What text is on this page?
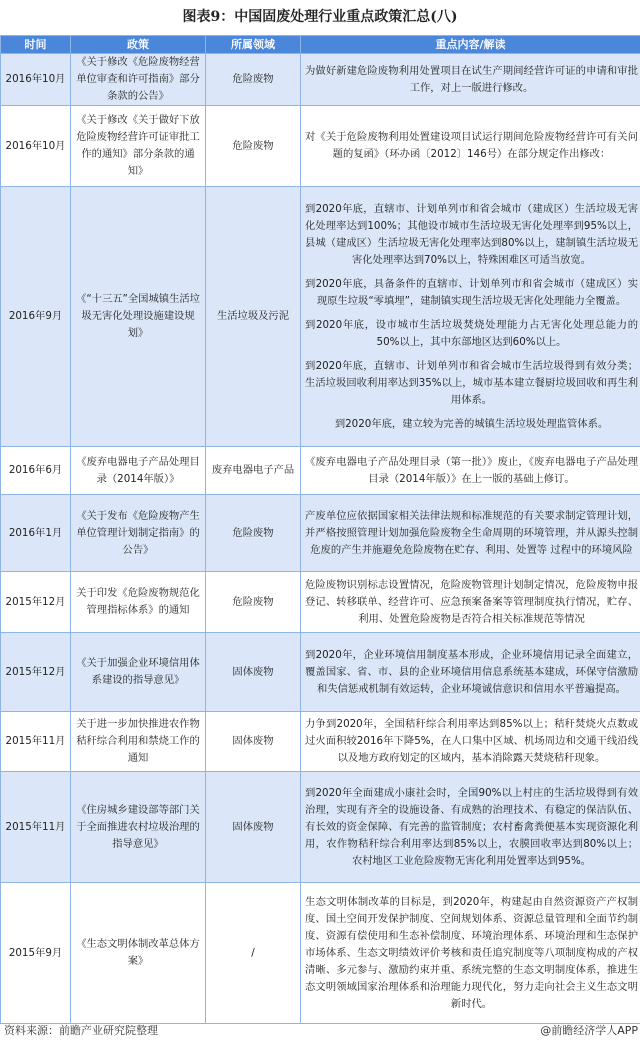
图表9：中国固废处理行业重点政策汇总(八)
时间	政策	所属领域	重点内容/解读
2016年10月	《关于修改《危险废物经营单位审查和许可指南》部分条款的公告》	危险废物	为做好新建危险废物利用处置项目在试生产期间经营许可证的申请和审批工作，对上一版进行修改。

2016年10月	《关于修改《关于做好下放危险废物经营许可证审批工作的通知》部分条款的通知》	危险废物	对《关于危险废物利用处置建设项目试运行期间危险废物经营许可有关问题的复函》（环办函〔2012〕146号）在部分规定作出修改：

2016年9月	《“十三五”全国城镇生活垃圾无害化处理设施建设规划》	生活垃圾及污泥	到2020年底，直辖市、计划单列市和省会城市（建成区）生活垃圾无害化处理率达到100%；其他设市城市生活垃圾无害化处理率到95%以上，县城（建成区）生活垃圾无害化处理率达到80%以上，建制镇生活垃圾无害化处理率达到70%以上，特殊困难区可适当放宽。

到2020年底，具备条件的直辖市、计划单列市和省会城市（建成区）实现原生垃圾“零填埋”，建制镇实现生活垃圾无害化处理能力全覆盖。

到2020年底，设市城市生活垃圾焚烧处理能力占无害化处理总能力的50%以上，其中东部地区达到60%以上。

到2020年底，直辖市、计划单列市和省会城市生活垃圾得到有效分类；生活垃圾回收利用率达到35%以上，城市基本建立餐厨垃圾回收和再生利用体系。

到2020年底，建立较为完善的城镇生活垃圾处理监管体系。

2016年6月	《废弃电器电子产品处理目录（2014年版）》	废弃电器电子产品	《废弃电器电子产品处理目录（第一批）》废止，《废弃电器电子产品处理目录（2014年版）》在上一版的基础上修订。

2016年1月	《关于发布《危险废物产生单位管理计划制定指南》的公告》	危险废物	产废单位应依据国家相关法律法规和标准规范的有关要求制定管理计划，并严格按照管理计划加强危险废物全生命周期的环境管理，并从源头控制危废的产生并施避免危险废物在贮存、利用、处置等 过程中的环境风险

2015年12月	关于印发《危险废物规范化管理指标体系》的通知	危险废物	危险废物识别标志设置情况，危险废物管理计划制定情况，危险废物申报登记、转移联单、经营许可、应急预案备案等管理制度执行情况，贮存、利用、处置危险废物是否符合相关标准规范等情况

2015年12月	《关于加强企业环境信用体系建设的指导意见》	固体废物	到2020年，企业环境信用制度基本形成，企业环境信用记录全面建立，覆盖国家、省、市、县的企业环境信用信息系统基本建成，环保守信激励和失信惩戒机制有效运转，企业环境诚信意识和信用水平普遍提高。

2015年11月	关于进一步加快推进农作物秸秆综合利用和禁烧工作的通知	固体废物	力争到2020年，全国秸秆综合利用率达到85%以上；秸秆焚烧火点数或过火面积较2016年下降5%，在人口集中区域、机场周边和交通干线沿线以及地方政府划定的区域内，基本消除露天焚烧秸秆现象。

2015年11月	《住房城乡建设部等部门关于全面推进农村垃圾治理的指导意见》	固体废物	到2020年全面建成小康社会时，全国90%以上村庄的生活垃圾得到有效治理，实现有齐全的设施设备、有成熟的治理技术、有稳定的保洁队伍、有长效的资金保障、有完善的监管制度；农村畜禽粪便基本实现资源化利用，农作物秸秆综合利用率达到85%以上，农膜回收率达到80%以上；农村地区工业危险废物无害化利用处置率达到95%。

2015年9月	《生态文明体制改革总体方案》	/	生态文明体制改革的目标是，到2020年，构建起由自然资源资产产权制度、国土空间开发保护制度、空间规划体系、资源总量管理和全面节约制度、资源有偿使用和生态补偿制度、环境治理体系、环境治理和生态保护市场体系、生态文明绩效评价考核和责任追究制度等八项制度构成的产权清晰、多元参与、激励约束并重、系统完整的生态文明制度体系，推进生态文明领域国家治理体系和治理能力现代化，努力走向社会主义生态文明新时代。

资料来源：前瞻产业研究院整理	@前瞻经济学人APP
